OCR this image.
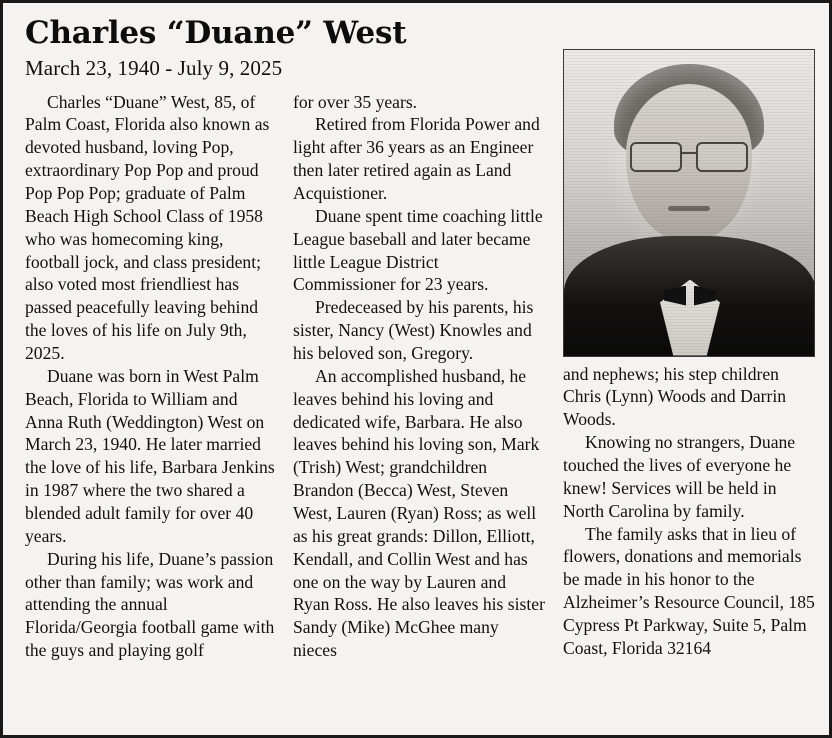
Charles “Duane” West
March 23, 1940 - July 9, 2025

Charles “Duane” West, 85, of Palm Coast, Florida also known as devoted husband, loving Pop, extraordinary Pop Pop and proud Pop Pop Pop; graduate of Palm Beach High School Class of 1958 who was homecoming king, football jock, and class president; also voted most friendliest has passed peacefully leaving behind the loves of his life on July 9th, 2025.

Duane was born in West Palm Beach, Florida to William and Anna Ruth (Weddington) West on March 23, 1940. He later married the love of his life, Barbara Jenkins in 1987 where the two shared a blended adult family for over 40 years.

During his life, Duane’s passion other than family; was work and attending the annual Florida/Georgia football game with the guys and playing golf

for over 35 years.

Retired from Florida Power and light after 36 years as an Engineer then later retired again as Land Acquistioner.

Duane spent time coaching little League baseball and later became little League District Commissioner for 23 years.

Predeceased by his parents, his sister, Nancy (West) Knowles and his beloved son, Gregory.

An accomplished husband, he leaves behind his loving and dedicated wife, Barbara. He also leaves behind his loving son, Mark (Trish) West; grandchildren Brandon (Becca) West, Steven West, Lauren (Ryan) Ross; as well as his great grands: Dillon, Elliott, Kendall, and Collin West and has one on the way by Lauren and Ryan Ross. He also leaves his sister Sandy (Mike) McGhee many nieces

and nephews; his step children Chris (Lynn) Woods and Darrin Woods.

Knowing no strangers, Duane touched the lives of everyone he knew! Services will be held in North Carolina by family.

The family asks that in lieu of flowers, donations and memorials be made in his honor to the Alzheimer’s Resource Council, 185 Cypress Pt Parkway, Suite 5, Palm Coast, Florida 32164
